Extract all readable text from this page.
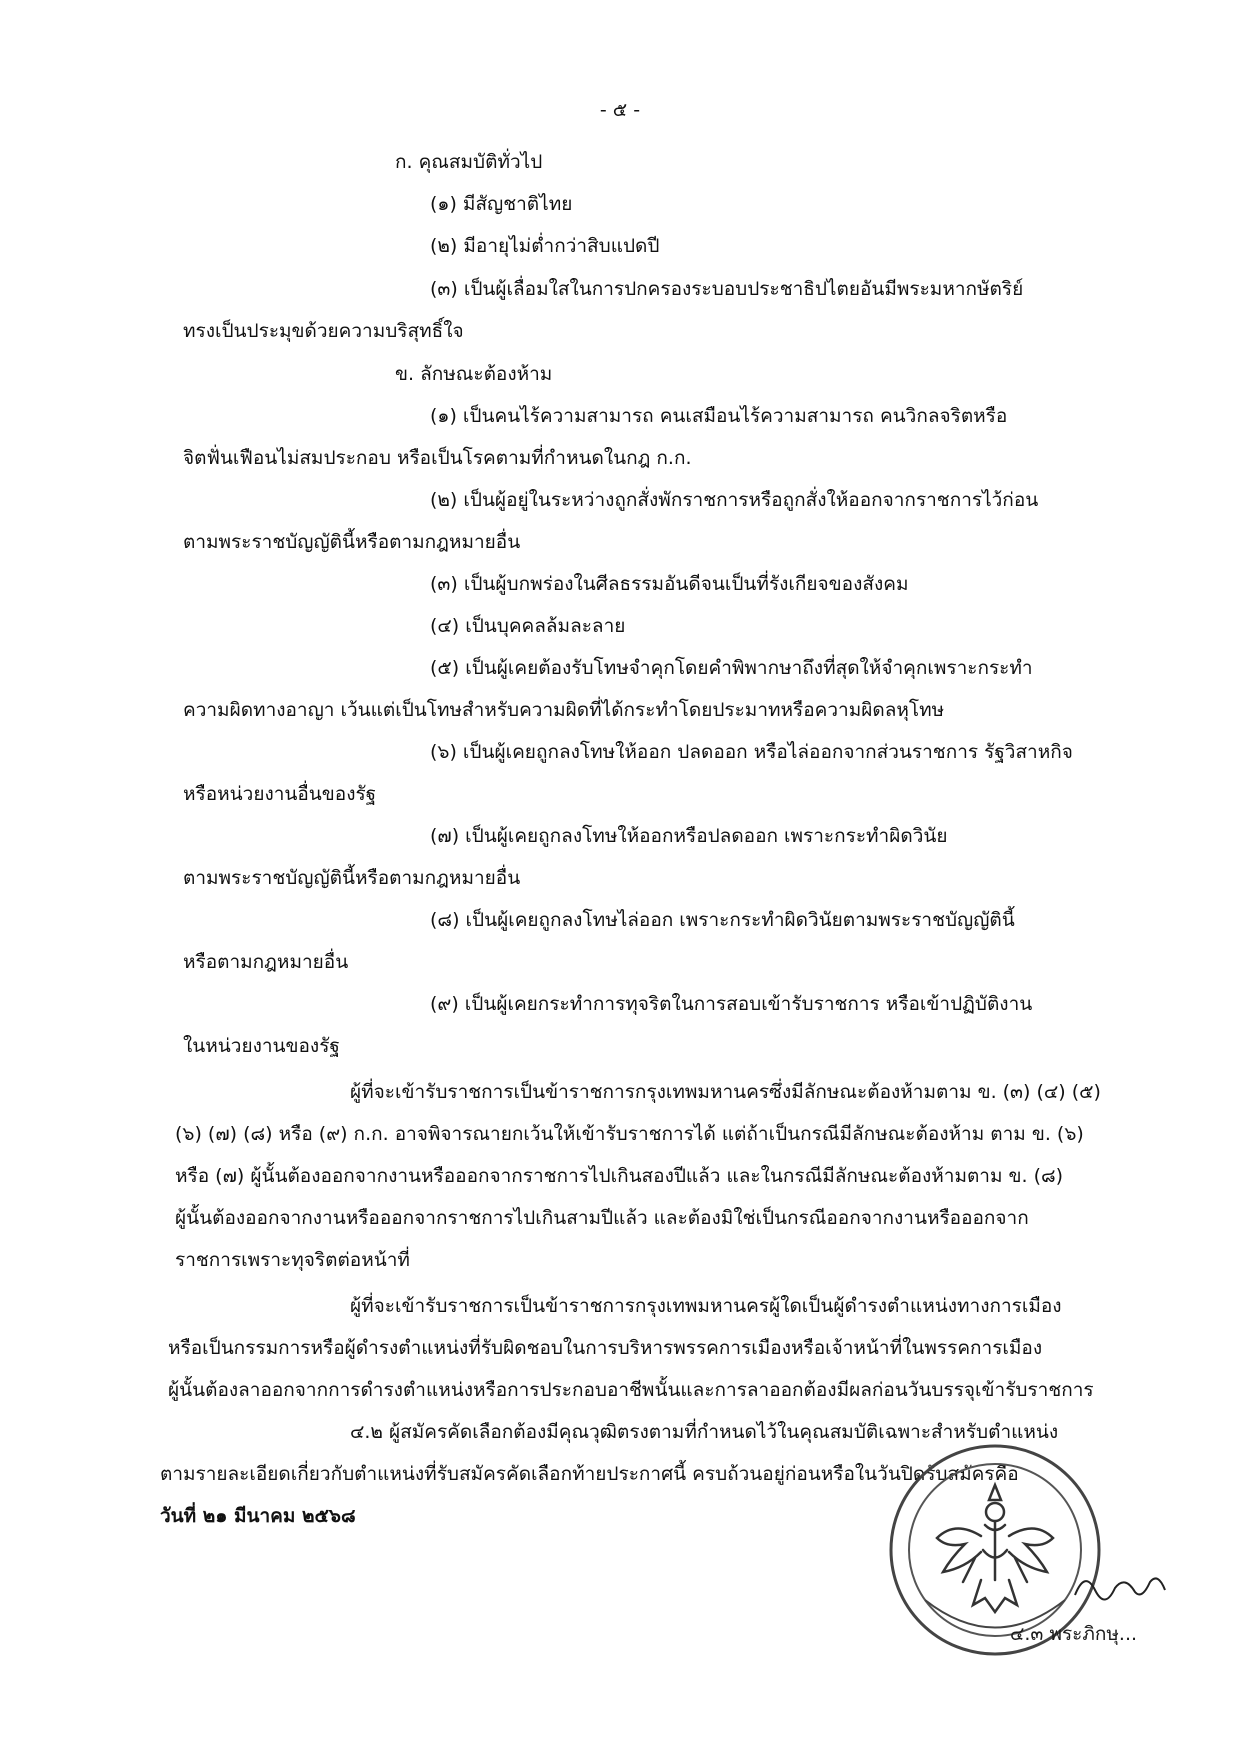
- ๕ -
ก. คุณสมบัติทั่วไป
(๑) มีสัญชาติไทย
(๒) มีอายุไม่ต่ำกว่าสิบแปดปี
(๓) เป็นผู้เลื่อมใสในการปกครองระบอบประชาธิปไตยอันมีพระมหากษัตริย์
ทรงเป็นประมุขด้วยความบริสุทธิ์ใจ
ข. ลักษณะต้องห้าม
(๑) เป็นคนไร้ความสามารถ คนเสมือนไร้ความสามารถ คนวิกลจริตหรือ
จิตฟั่นเฟือนไม่สมประกอบ หรือเป็นโรคตามที่กำหนดในกฎ ก.ก.
(๒) เป็นผู้อยู่ในระหว่างถูกสั่งพักราชการหรือถูกสั่งให้ออกจากราชการไว้ก่อน
ตามพระราชบัญญัตินี้หรือตามกฎหมายอื่น
(๓) เป็นผู้บกพร่องในศีลธรรมอันดีจนเป็นที่รังเกียจของสังคม
(๔) เป็นบุคคลล้มละลาย
(๕) เป็นผู้เคยต้องรับโทษจำคุกโดยคำพิพากษาถึงที่สุดให้จำคุกเพราะกระทำ
ความผิดทางอาญา เว้นแต่เป็นโทษสำหรับความผิดที่ได้กระทำโดยประมาทหรือความผิดลหุโทษ
(๖) เป็นผู้เคยถูกลงโทษให้ออก ปลดออก หรือไล่ออกจากส่วนราชการ รัฐวิสาหกิจ
หรือหน่วยงานอื่นของรัฐ
(๗) เป็นผู้เคยถูกลงโทษให้ออกหรือปลดออก เพราะกระทำผิดวินัย
ตามพระราชบัญญัตินี้หรือตามกฎหมายอื่น
(๘) เป็นผู้เคยถูกลงโทษไล่ออก เพราะกระทำผิดวินัยตามพระราชบัญญัตินี้
หรือตามกฎหมายอื่น
(๙) เป็นผู้เคยกระทำการทุจริตในการสอบเข้ารับราชการ หรือเข้าปฏิบัติงาน
ในหน่วยงานของรัฐ
ผู้ที่จะเข้ารับราชการเป็นข้าราชการกรุงเทพมหานครซึ่งมีลักษณะต้องห้ามตาม ข. (๓) (๔) (๕)
(๖) (๗) (๘) หรือ (๙) ก.ก. อาจพิจารณายกเว้นให้เข้ารับราชการได้ แต่ถ้าเป็นกรณีมีลักษณะต้องห้าม ตาม ข. (๖)
หรือ (๗) ผู้นั้นต้องออกจากงานหรือออกจากราชการไปเกินสองปีแล้ว และในกรณีมีลักษณะต้องห้ามตาม ข. (๘)
ผู้นั้นต้องออกจากงานหรือออกจากราชการไปเกินสามปีแล้ว และต้องมิใช่เป็นกรณีออกจากงานหรือออกจาก
ราชการเพราะทุจริตต่อหน้าที่
ผู้ที่จะเข้ารับราชการเป็นข้าราชการกรุงเทพมหานครผู้ใดเป็นผู้ดำรงตำแหน่งทางการเมือง
หรือเป็นกรรมการหรือผู้ดำรงตำแหน่งที่รับผิดชอบในการบริหารพรรคการเมืองหรือเจ้าหน้าที่ในพรรคการเมือง
ผู้นั้นต้องลาออกจากการดำรงตำแหน่งหรือการประกอบอาชีพนั้นและการลาออกต้องมีผลก่อนวันบรรจุเข้ารับราชการ
๔.๒ ผู้สมัครคัดเลือกต้องมีคุณวุฒิตรงตามที่กำหนดไว้ในคุณสมบัติเฉพาะสำหรับตำแหน่ง
ตามรายละเอียดเกี่ยวกับตำแหน่งที่รับสมัครคัดเลือกท้ายประกาศนี้ ครบถ้วนอยู่ก่อนหรือในวันปิดรับสมัครคือ
วันที่ ๒๑ มีนาคม ๒๕๖๘
๔.๓ พระภิกษุ...
